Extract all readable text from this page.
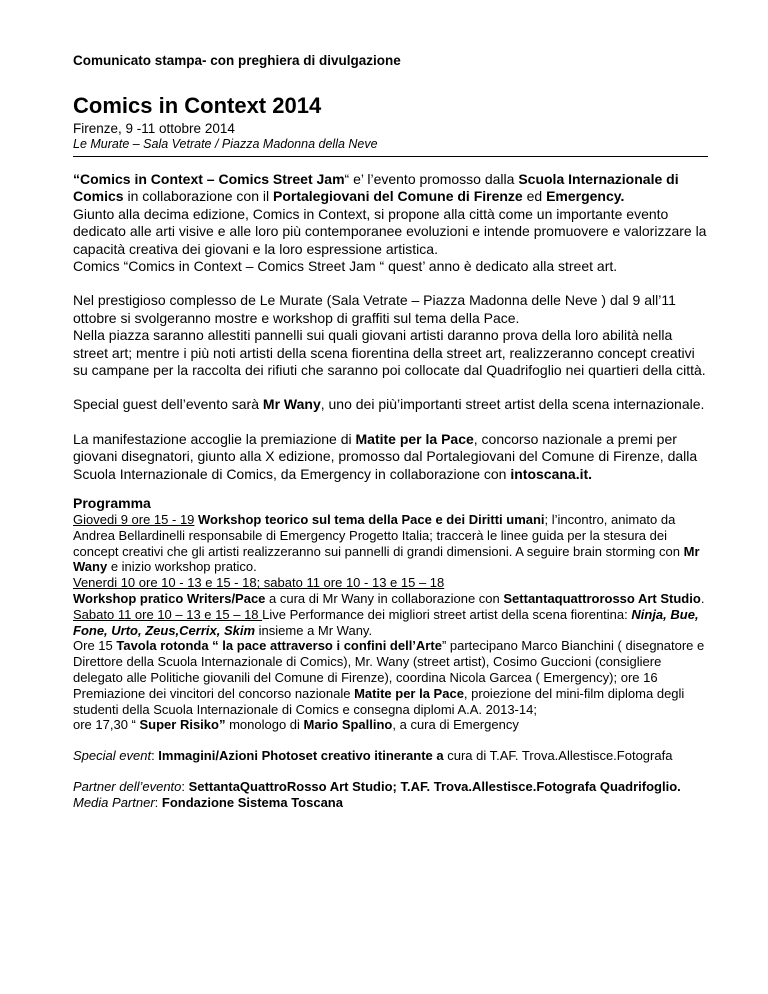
Comunicato stampa- con preghiera di divulgazione

Comics in Context 2014

Firenze, 9 -11 ottobre 2014

Le Murate – Sala Vetrate / Piazza Madonna della Neve

“Comics in Context – Comics Street Jam“ e’ l’evento promosso dalla Scuola Internazionale di Comics in collaborazione con il Portalegiovani del Comune di Firenze ed Emergency.
Giunto alla decima edizione, Comics in Context, si propone alla città come un importante evento dedicato alle arti visive e alle loro più contemporanee evoluzioni e intende promuovere e valorizzare la capacità creativa dei giovani e la loro espressione artistica.
Comics “Comics in Context – Comics Street Jam “ quest’ anno è dedicato alla street art.

Nel prestigioso complesso de Le Murate (Sala Vetrate – Piazza Madonna delle Neve ) dal 9 all’11 ottobre si svolgeranno mostre e workshop di graffiti sul tema della Pace.
Nella piazza saranno allestiti pannelli sui quali giovani artisti daranno prova della loro abilità nella street art; mentre i più noti artisti della scena fiorentina della street art, realizzeranno concept creativi su campane per la raccolta dei rifiuti che saranno poi collocate dal Quadrifoglio nei quartieri della città.

Special guest dell’evento sarà Mr Wany, uno dei più’importanti street artist della scena internazionale.

La manifestazione accoglie la premiazione di Matite per la Pace, concorso nazionale a premi per giovani disegnatori, giunto alla X edizione, promosso dal Portalegiovani del Comune di Firenze, dalla Scuola Internazionale di Comics, da Emergency in collaborazione con intoscana.it.

Programma

Giovedi 9 ore 15 - 19 Workshop teorico sul tema della Pace e dei Diritti umani; l’incontro, animato da Andrea Bellardinelli responsabile di Emergency Progetto Italia; traccerà le linee guida per la stesura dei concept creativi che gli artisti realizzeranno sui pannelli di grandi dimensioni. A seguire brain storming con Mr Wany e inizio workshop pratico.

Venerdi 10 ore 10 - 13 e 15 - 18; sabato 11 ore 10 - 13 e 15 – 18
Workshop pratico Writers/Pace a cura di Mr Wany in collaborazione con Settantaquattrorosso Art Studio.

Sabato 11 ore 10 – 13 e 15 – 18 Live Performance dei migliori street artist della scena fiorentina: Ninja, Bue, Fone, Urto, Zeus,Cerrix, Skim insieme a Mr Wany.
Ore 15 Tavola rotonda “ la pace attraverso i confini dell’Arte” partecipano Marco Bianchini ( disegnatore e Direttore della Scuola Internazionale di Comics), Mr. Wany (street artist), Cosimo Guccioni (consigliere delegato alle Politiche giovanili del Comune di Firenze), coordina Nicola Garcea ( Emergency); ore 16 Premiazione dei vincitori del concorso nazionale Matite per la Pace, proiezione del mini-film diploma degli studenti della Scuola Internazionale di Comics e consegna diplomi A.A. 2013-14;
ore 17,30 “ Super Risiko” monologo di Mario Spallino, a cura di Emergency

Special event: Immagini/Azioni Photoset creativo itinerante a cura di T.AF. Trova.Allestisce.Fotografa

Partner dell’evento: SettantaQuattroRosso Art Studio; T.AF. Trova.Allestisce.Fotografa Quadrifoglio.
Media Partner: Fondazione Sistema Toscana
